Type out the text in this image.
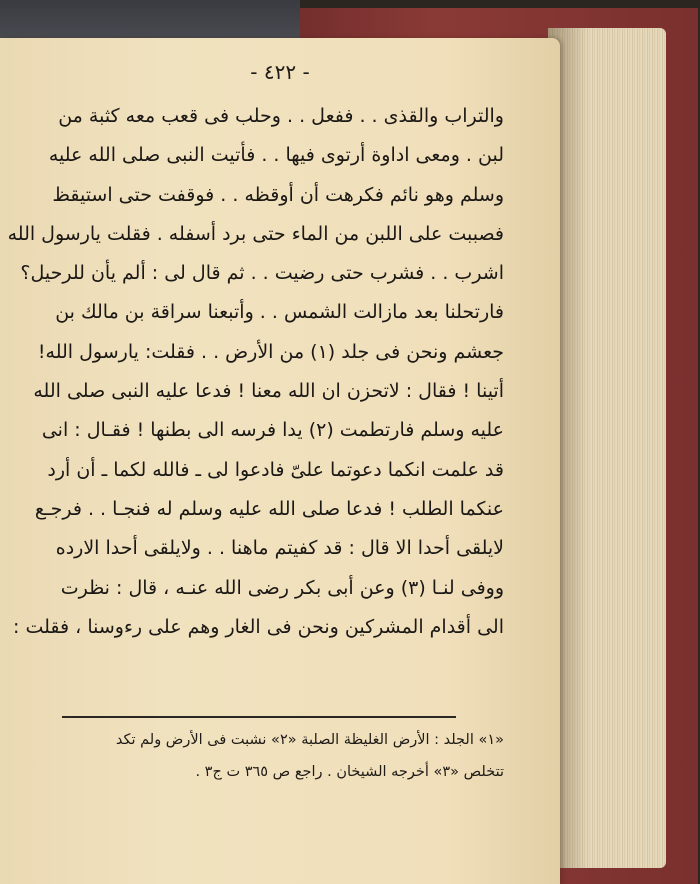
- ٤٢٢ -
والتراب والقذى . . ففعل . . وحلب فى قعب معه كثبة من
لبن . ومعى اداوة أرتوى فيها . . فأتيت النبى صلى الله عليه
وسلم وهو نائم فكرهت أن أوقظه . . فوقفت حتى استيقظ
فصببت على اللبن من الماء حتى برد أسفله . فقلت يارسول الله
اشرب . . فشرب حتى رضيت . . ثم قال لى : ألم يأن للرحيل؟
فارتحلنا بعد مازالت الشمس . . وأتبعنا سراقة بن مالك بن
جعشم ونحن فى جلد (١) من الأرض . . فقلت: يارسول الله!
أتينا ! فقال : لاتحزن ان الله معنا ! فدعا عليه النبى صلى الله
عليه وسلم فارتطمت (٢) يدا فرسه الى بطنها ! فقـال : انى
قد علمت انكما دعوتما علىّ فادعوا لى ـ فالله لكما ـ أن أرد
عنكما الطلب ! فدعا صلى الله عليه وسلم له فنجـا . . فرجـع
لايلقى أحدا الا قال : قد كفيتم ماهنا . . ولايلقى أحدا الارده
ووفى لنـا (٣) وعن أبى بكر رضى الله عنـه ، قال : نظرت
الى أقدام المشركين ونحن فى الغار وهم على رءوسنا ، فقلت :
«١» الجلد : الأرض الغليظة الصلبة «٢» نشبت فى الأرض ولم تكد
تتخلص «٣» أخرجه الشيخان . راجع ص ٣٦٥ ت ج٣ .
